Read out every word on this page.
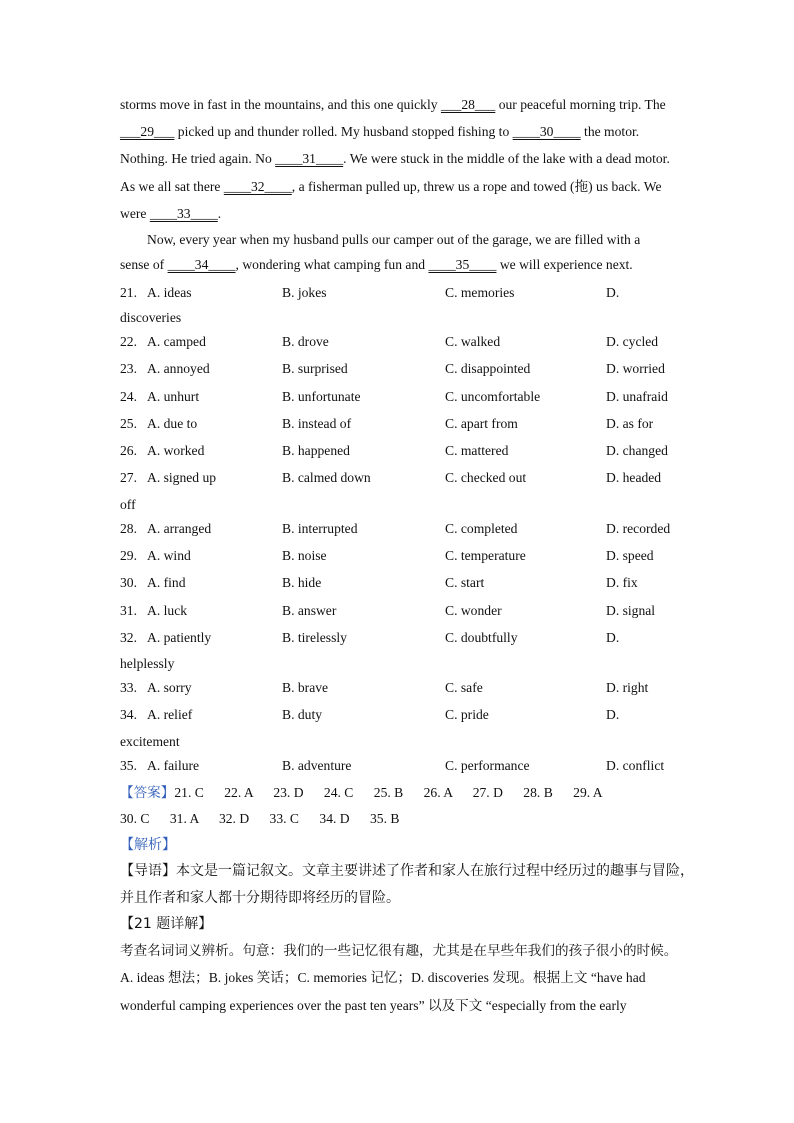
storms move in fast in the mountains, and this one quickly ___28___ our peaceful morning trip. The
___29___ picked up and thunder rolled. My husband stopped fishing to ____30____ the motor.
Nothing. He tried again. No ____31____. We were stuck in the middle of the lake with a dead motor.
As we all sat there ____32____, a fisherman pulled up, threw us a rope and towed (拖) us back. We
were ____33____.
Now, every year when my husband pulls our camper out of the garage, we are filled with a
sense of ____34____, wondering what camping fun and ____35____ we will experience next.
21. A. ideas	B. jokes	C. memories	D.
discoveries
22. A. camped	B. drove	C. walked	D. cycled
23. A. annoyed	B. surprised	C. disappointed	D. worried
24. A. unhurt	B. unfortunate	C. uncomfortable	D. unafraid
25. A. due to	B. instead of	C. apart from	D. as for
26. A. worked	B. happened	C. mattered	D. changed
27. A. signed up	B. calmed down	C. checked out	D. headed
off
28. A. arranged	B. interrupted	C. completed	D. recorded
29. A. wind	B. noise	C. temperature	D. speed
30. A. find	B. hide	C. start	D. fix
31. A. luck	B. answer	C. wonder	D. signal
32. A. patiently	B. tirelessly	C. doubtfully	D.
helplessly
33. A. sorry	B. brave	C. safe	D. right
34. A. relief	B. duty	C. pride	D.
excitement
35. A. failure	B. adventure	C. performance	D. conflict
【答案】21. C      22. A      23. D      24. C      25. B      26. A      27. D      28. B      29. A
30. C      31. A      32. D      33. C      34. D      35. B
【解析】
【导语】本文是一篇记叙文。文章主要讲述了作者和家人在旅行过程中经历过的趣事与冒险，
并且作者和家人都十分期待即将经历的冒险。
【21 题详解】
考查名词词义辨析。句意：我们的一些记忆很有趣，尤其是在早些年我们的孩子很小的时候。
A. ideas 想法；B. jokes 笑话；C. memories 记忆；D. discoveries 发现。根据上文 “have had
wonderful camping experiences over the past ten years” 以及下文 “especially from the early
